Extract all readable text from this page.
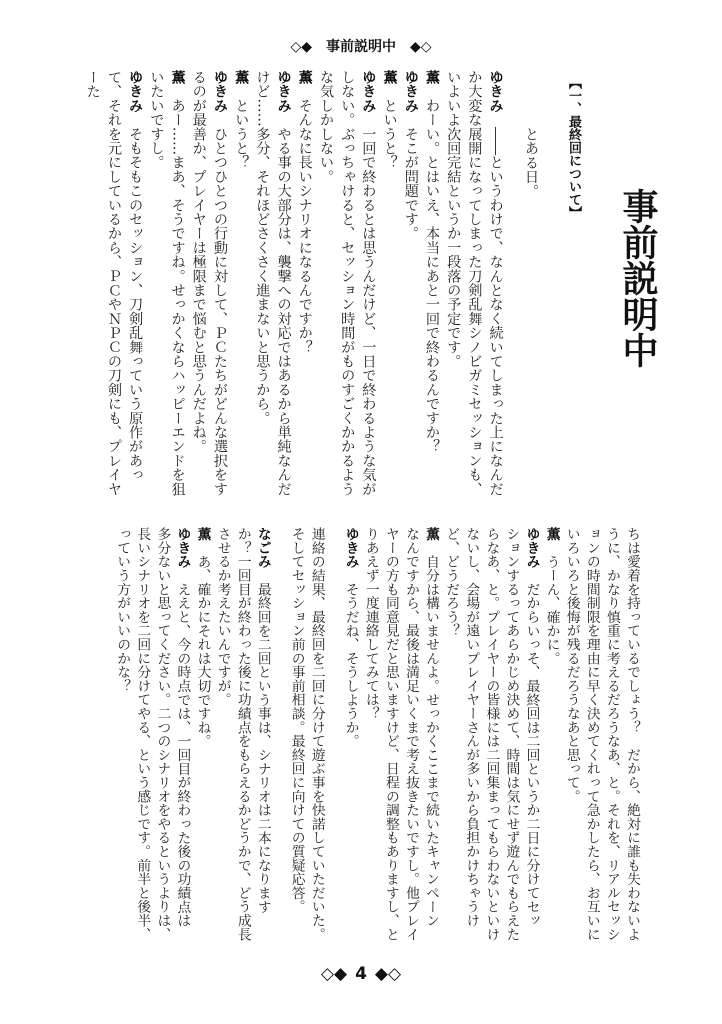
◇◆ 事前説明中 ◆◇
事前説明中
【一、最終回について】

とある日。

ゆきみ　――というわけで、なんとなく続いてしまった上になんだか大変な展開になってしまった刀剣乱舞シノビガミセッションも、いよいよ次回完結というか一段落の予定です。

薫　わーい。とはいえ、本当にあと一回で終わるんですか？

ゆきみ　そこが問題です。

薫　というと？

ゆきみ　一回で終わるとは思うんだけど、一日で終わるような気がしない。ぶっちゃけると、セッション時間がものすごくかかるような気しかしない。

薫　そんなに長いシナリオになるんですか？

ゆきみ　やる事の大部分は、襲撃への対応ではあるから単純なんだけど……多分、それほどさくさく進まないと思うから。

薫　というと？

ゆきみ　ひとつひとつの行動に対して、ＰＣたちがどんな選択をするのが最善か、プレイヤーは極限まで悩むと思うんだよね。

薫　あー……まあ、そうですね。せっかくならハッピーエンドを狙いたいですし。

ゆきみ　そもそもこのセッション、刀剣乱舞っていう原作があって、それを元にしているから、ＰＣやＮＰＣの刀剣にも、プレイヤーた

ちは愛着を持っているでしょう？　だから、絶対に誰も失わないように、かなり慎重に考えるだろうなあ、と。それを、リアルセッションの時間制限を理由に早く決めてくれって急かしたら、お互いにいろいろと後悔が残るだろうなあと思って。

薫　うーん、確かに。

ゆきみ　だからいっそ、最終回は二回というか二日に分けてセッションするってあらかじめ決めて、時間は気にせず遊んでもらえたらなあ、と。プレイヤーの皆様には二回集まってもらわないといけないし、会場が遠いプレイヤーさんが多いから負担かけちゃうけど、どうだろう？

薫　自分は構いませんよ。せっかくここまで続いたキャンペーンなんですから、最後は満足いくまで考え抜きたいですし。他プレイヤーの方も同意見だと思いますけど、日程の調整もありますし、とりあえず一度連絡してみては？

ゆきみ　そうだね、そうしようか。

連絡の結果、最終回を二回に分けて遊ぶ事を快諾していただいた。

そしてセッション前の事前相談。最終回に向けての質疑応答。

なごみ　最終回を二回という事は、シナリオは二本になりますか？一回目が終わった後に功績点をもらえるかどうかで、どう成長させるか考えたいんですが。

薫　あ、確かにそれは大切ですね。

ゆきみ　ええと、今の時点では、一回目が終わった後の功績点は多分ないと思ってください。二つのシナリオをやるというよりは、長いシナリオを二回に分けてやる、という感じです。前半と後半、っていう方がいいのかな？

◇◆ 4 ◆◇
